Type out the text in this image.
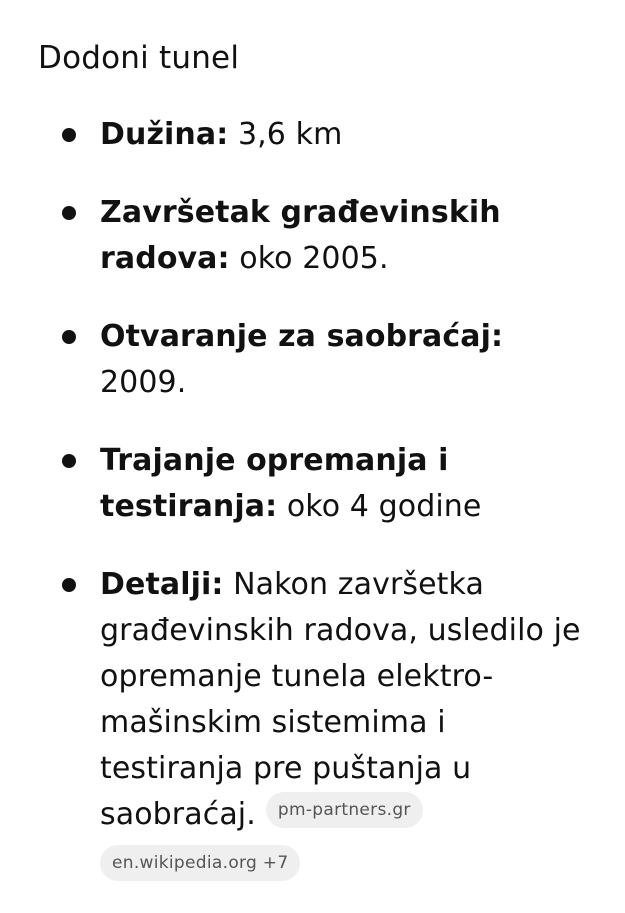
Dodoni tunel
Dužina: 3,6 km
Završetak građevinskih radova: oko 2005.
Otvaranje za saobraćaj: 2009.
Trajanje opremanja i testiranja: oko 4 godine
Detalji: Nakon završetka građevinskih radova, usledilo je opremanje tunela elektro-mašinskim sistemima i testiranja pre puštanja u saobraćaj. pm-partners.gr
en.wikipedia.org +7
